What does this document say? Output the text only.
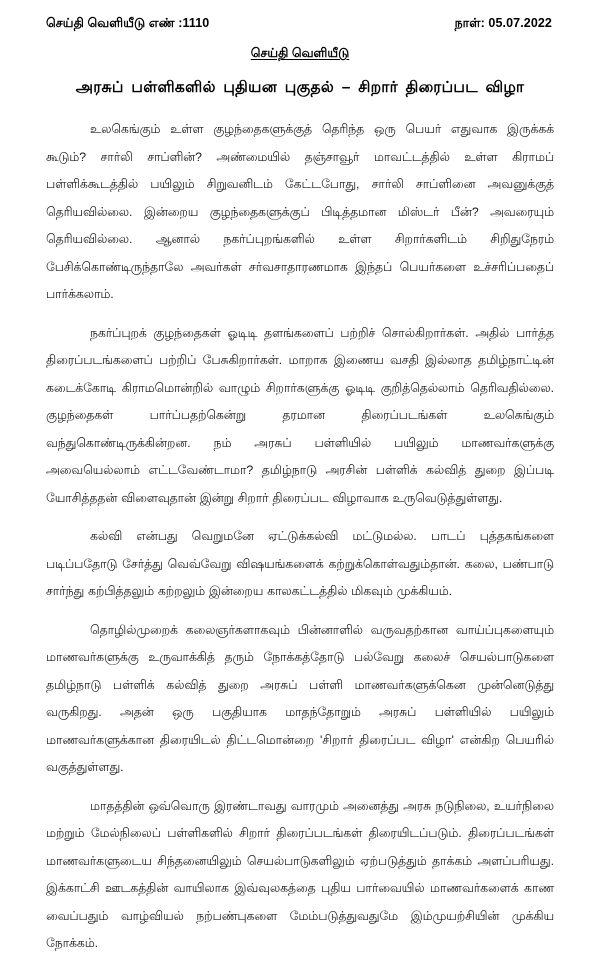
செய்தி வெளியீடு எண் :1110	நாள்: 05.07.2022
செய்தி வெளியீடு
அரசுப் பள்ளிகளில் புதியன புகுதல் – சிறார் திரைப்பட விழா

உலகெங்கும் உள்ள குழந்தைகளுக்குத் தெரிந்த ஒரு பெயர் எதுவாக இருக்கக் கூடும்? சார்லி சாப்ளின்? அண்மையில் தஞ்சாவூர் மாவட்டத்தில் உள்ள கிராமப் பள்ளிக்கூடத்தில் பயிலும் சிறுவனிடம் கேட்டபோது, சார்லி சாப்ளினை அவனுக்குத் தெரியவில்லை. இன்றைய குழந்தைகளுக்குப் பிடித்தமான மிஸ்டர் பீன்? அவரையும் தெரியவில்லை. ஆனால் நகர்ப்புறங்களில் உள்ள சிறார்களிடம் சிறிதுநேரம் பேசிக்கொண்டிருந்தாலே அவர்கள் சர்வசாதாரணமாக இந்தப் பெயர்களை உச்சரிப்பதைப் பார்க்கலாம்.

நகர்ப்புறக் குழந்தைகள் ஓடிடி தளங்களைப் பற்றிச் சொல்கிறார்கள். அதில் பார்த்த திரைப்படங்களைப் பற்றிப் பேசுகிறார்கள். மாறாக இணைய வசதி இல்லாத தமிழ்நாட்டின் கடைக்கோடி கிராமமொன்றில் வாழும் சிறார்களுக்கு ஓடிடி குறித்தெல்லாம் தெரிவதில்லை. குழந்தைகள் பார்ப்பதற்கென்று தரமான திரைப்படங்கள் உலகெங்கும் வந்துகொண்டிருக்கின்றன. நம் அரசுப் பள்ளியில் பயிலும் மாணவர்களுக்கு அவையெல்லாம் எட்டவேண்டாமா? தமிழ்நாடு அரசின் பள்ளிக் கல்வித் துறை இப்படி யோசித்ததன் விளைவுதான் இன்று சிறார் திரைப்பட விழாவாக உருவெடுத்துள்ளது.

கல்வி என்பது வெறுமனே ஏட்டுக்கல்வி மட்டுமல்ல. பாடப் புத்தகங்களை படிப்பதோடு சேர்த்து வெவ்வேறு விஷயங்களைக் கற்றுக்கொள்வதும்தான். கலை, பண்பாடு சார்ந்து கற்பித்தலும் கற்றலும் இன்றைய காலகட்டத்தில் மிகவும் முக்கியம்.

தொழில்முறைக் கலைஞர்களாகவும் பின்னாளில் வருவதற்கான வாய்ப்புகளையும் மாணவர்களுக்கு உருவாக்கித் தரும் நோக்கத்தோடு பல்வேறு கலைச் செயல்பாடுகளை தமிழ்நாடு பள்ளிக் கல்வித் துறை அரசுப் பள்ளி மாணவர்களுக்கென முன்னெடுத்து வருகிறது. அதன் ஒரு பகுதியாக மாதந்தோறும் அரசுப் பள்ளியில் பயிலும் மாணவர்களுக்கான திரையிடல் திட்டமொன்றை 'சிறார் திரைப்பட விழா' என்கிற பெயரில் வகுத்துள்ளது.

மாதத்தின் ஒவ்வொரு இரண்டாவது வாரமும் அனைத்து அரசு நடுநிலை, உயர்நிலை மற்றும் மேல்நிலைப் பள்ளிகளில் சிறார் திரைப்படங்கள் திரையிடப்படும். திரைப்படங்கள் மாணவர்களுடைய சிந்தனையிலும் செயல்பாடுகளிலும் ஏற்படுத்தும் தாக்கம் அளப்பரியது. இக்காட்சி ஊடகத்தின் வாயிலாக இவ்வுலகத்தை புதிய பார்வையில் மாணவர்களைக் காண வைப்பதும் வாழ்வியல் நற்பண்புகளை மேம்படுத்துவதுமே இம்முயற்சியின் முக்கிய நோக்கம்.
